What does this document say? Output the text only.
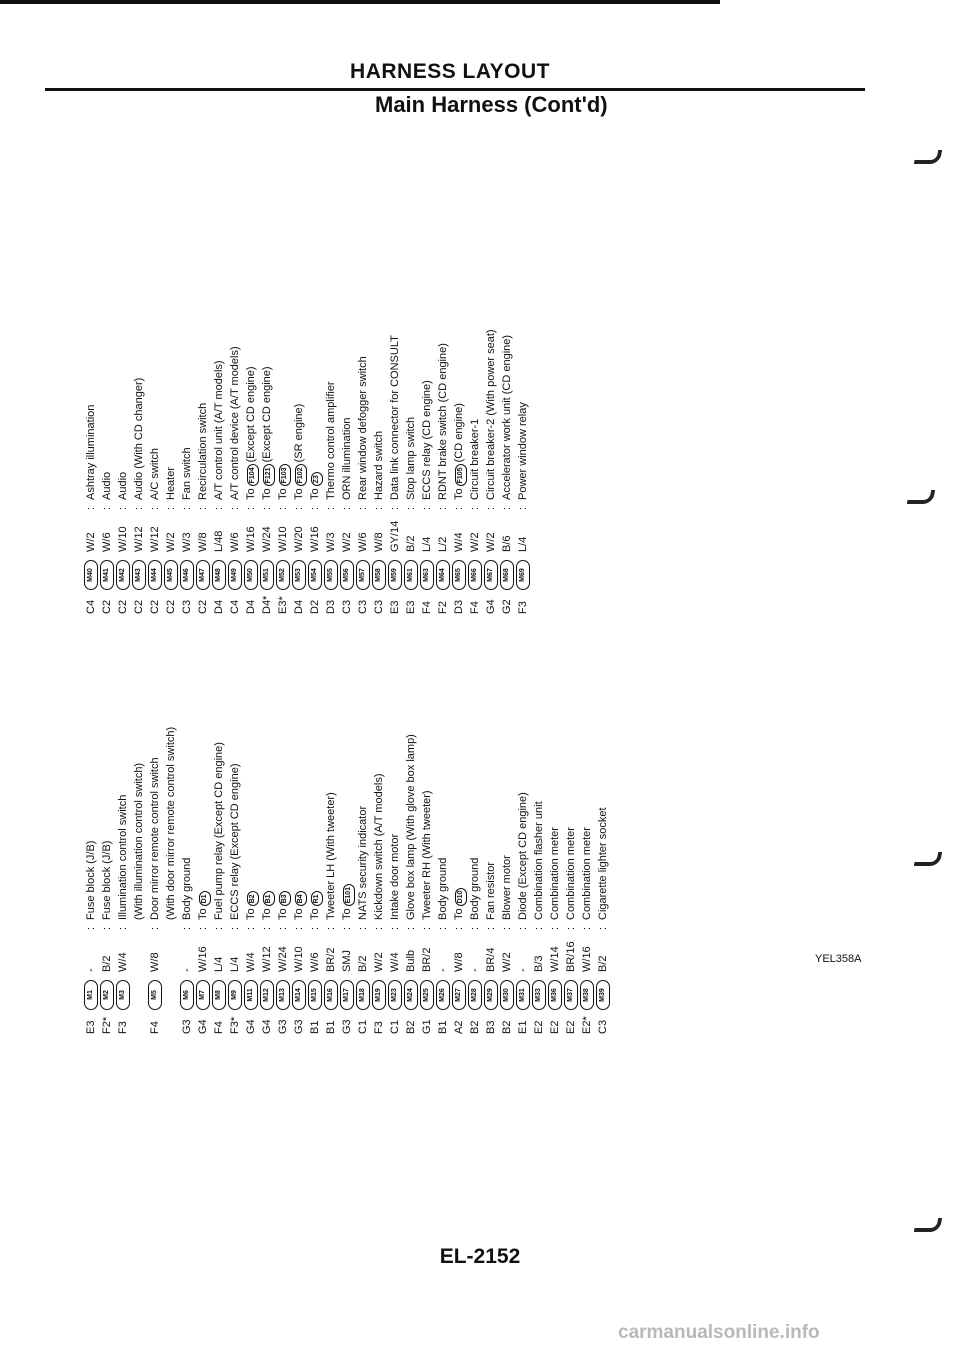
HARNESS LAYOUT
Main Harness (Cont'd)
E3
M1
-
:
Fuse block (J/B)
F2*
M2
B/2
:
Fuse block (J/B)
F3
M3
W/4
:
Illumination control switch (With illumination control switch)
F4
M5
W/8
:
Door mirror remote control switch (With door mirror remote control switch)
G3
M6
-
:
Body ground
G4
M7
W/16
:
ToD1
F4
M8
L/4
:
Fuel pump relay (Except CD engine)
F3*
M9
L/4
:
ECCS relay (Except CD engine)
G4
M11
W/4
:
ToB2
G4
M12
W/12
:
ToB1
G3
M13
W/24
:
ToB3
G3
M14
W/10
:
ToB4
B1
M15
W/6
:
ToR1
B1
M16
BR/2
:
Tweeter LH (With tweeter)
G3
M17
SMJ
:
ToE101
C1
M18
B/2
:
NATS security indicator
F3
M19
W/2
:
Kickdown switch (A/T models)
C1
M23
W/4
:
Intake door motor
B2
M24
Bulb
:
Glove box lamp (With glove box lamp)
G1
M25
BR/2
:
Tweeter RH (With tweeter)
B1
M26
-
:
Body ground
A2
M27
W/8
:
ToD10
B2
M28
-
:
Body ground
B3
M29
BR/4
:
Fan resistor
B2
M30
W/2
:
Blower motor
E1
M31
-
:
Diode (Except CD engine)
E2
M33
B/3
:
Combination flasher unit
E2
M36
W/14
:
Combination meter
E2
M37
BR/16
:
Combination meter
E2*
M38
W/16
:
Combination meter
C3
M39
B/2
:
Cigarette lighter socket
C4
M40
W/2
:
Ashtray illumination
C2
M41
W/6
:
Audio
C2
M42
W/10
:
Audio
C2
M43
W/12
:
Audio (With CD changer)
C2
M44
W/12
:
A/C switch
C2
M45
W/2
:
Heater
C3
M46
W/3
:
Fan switch
C2
M47
W/8
:
Recirculation switch
D4
M48
L/48
:
A/T control unit (A/T models)
C4
M49
W/6
:
A/T control device (A/T models)
D4
M50
W/16
:
ToF104(Except CD engine)
D4*
M51
W/24
:
ToF121(Except CD engine)
E3*
M52
W/10
:
ToF103
D4
M53
W/20
:
ToF102(SR engine)
D2
M54
W/16
:
ToZ3
D3
M55
W/3
:
Thermo control amplifier
C3
M56
W/2
:
ORN illumination
C3
M57
W/6
:
Rear window defogger switch
C3
M58
W/8
:
Hazard switch
E3
M59
GY/14
:
Data link connector for CONSULT
E3
M61
B/2
:
Stop lamp switch
F4
M63
L/4
:
ECCS relay (CD engine)
F2
M64
L/2
:
RDNT brake switch (CD engine)
D3
M65
W/4
:
ToF105(CD engine)
F4
M66
W/2
:
Circuit breaker-1
G4
M67
W/2
:
Circuit breaker-2 (With power seat)
G2
M68
B/6
:
Accelerator work unit (CD engine)
F3
M69
L/4
:
Power window relay
YEL358A
EL-2152
carmanualsonline.info
